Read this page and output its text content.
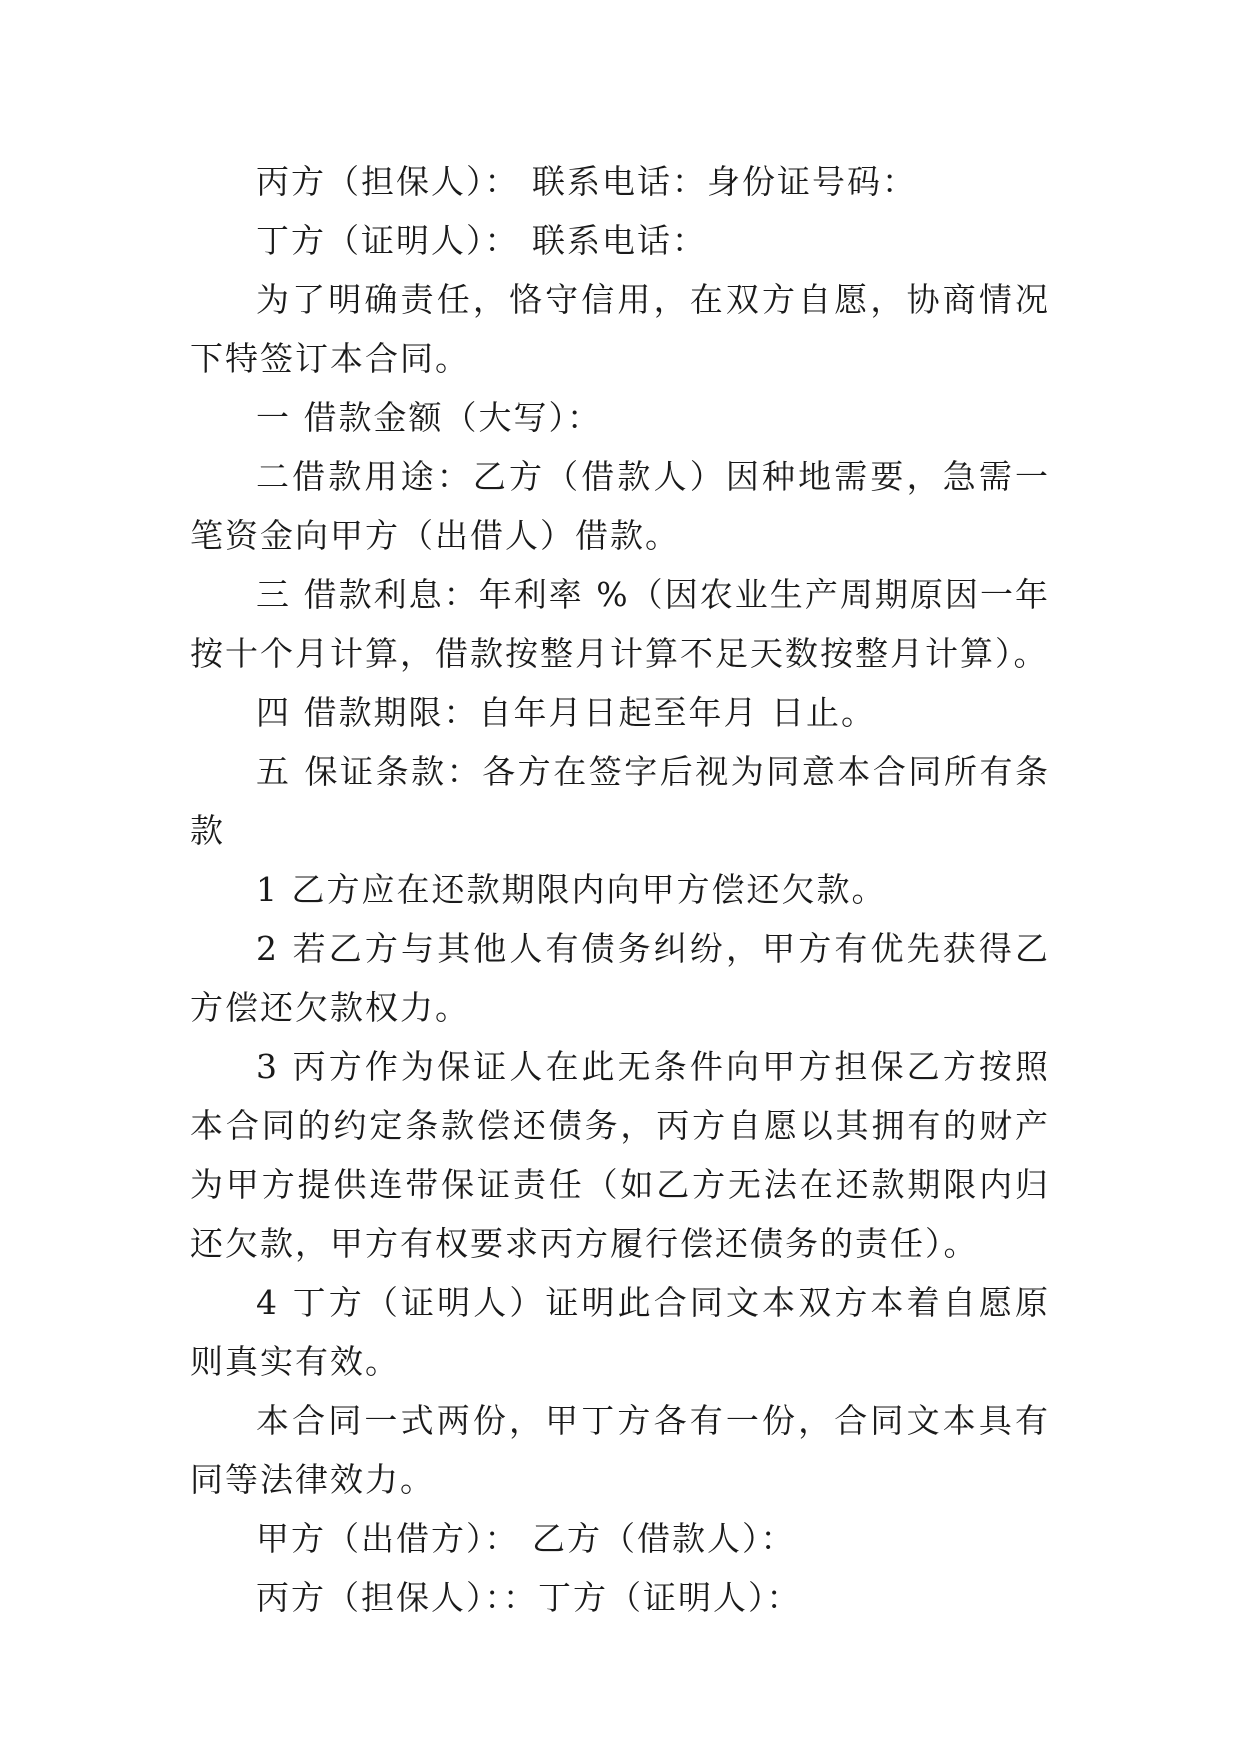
丙方（担保人）： 联系电话：身份证号码：

丁方（证明人）： 联系电话：

为了明确责任，恪守信用，在双方自愿，协商情况下特签订本合同。

一 借款金额（大写）：

二借款用途：乙方（借款人）因种地需要，急需一笔资金向甲方（出借人）借款。

三 借款利息：年利率 %（因农业生产周期原因一年按十个月计算，借款按整月计算不足天数按整月计算）。

四 借款期限：自年月日起至年月 日止。

五 保证条款：各方在签字后视为同意本合同所有条款

1 乙方应在还款期限内向甲方偿还欠款。

2 若乙方与其他人有债务纠纷，甲方有优先获得乙方偿还欠款权力。

3 丙方作为保证人在此无条件向甲方担保乙方按照本合同的约定条款偿还债务，丙方自愿以其拥有的财产为甲方提供连带保证责任（如乙方无法在还款期限内归还欠款，甲方有权要求丙方履行偿还债务的责任）。

4 丁方（证明人）证明此合同文本双方本着自愿原则真实有效。

本合同一式两份，甲丁方各有一份，合同文本具有同等法律效力。

甲方（出借方）： 乙方（借款人）：

丙方（担保人）：：丁方（证明人）：
